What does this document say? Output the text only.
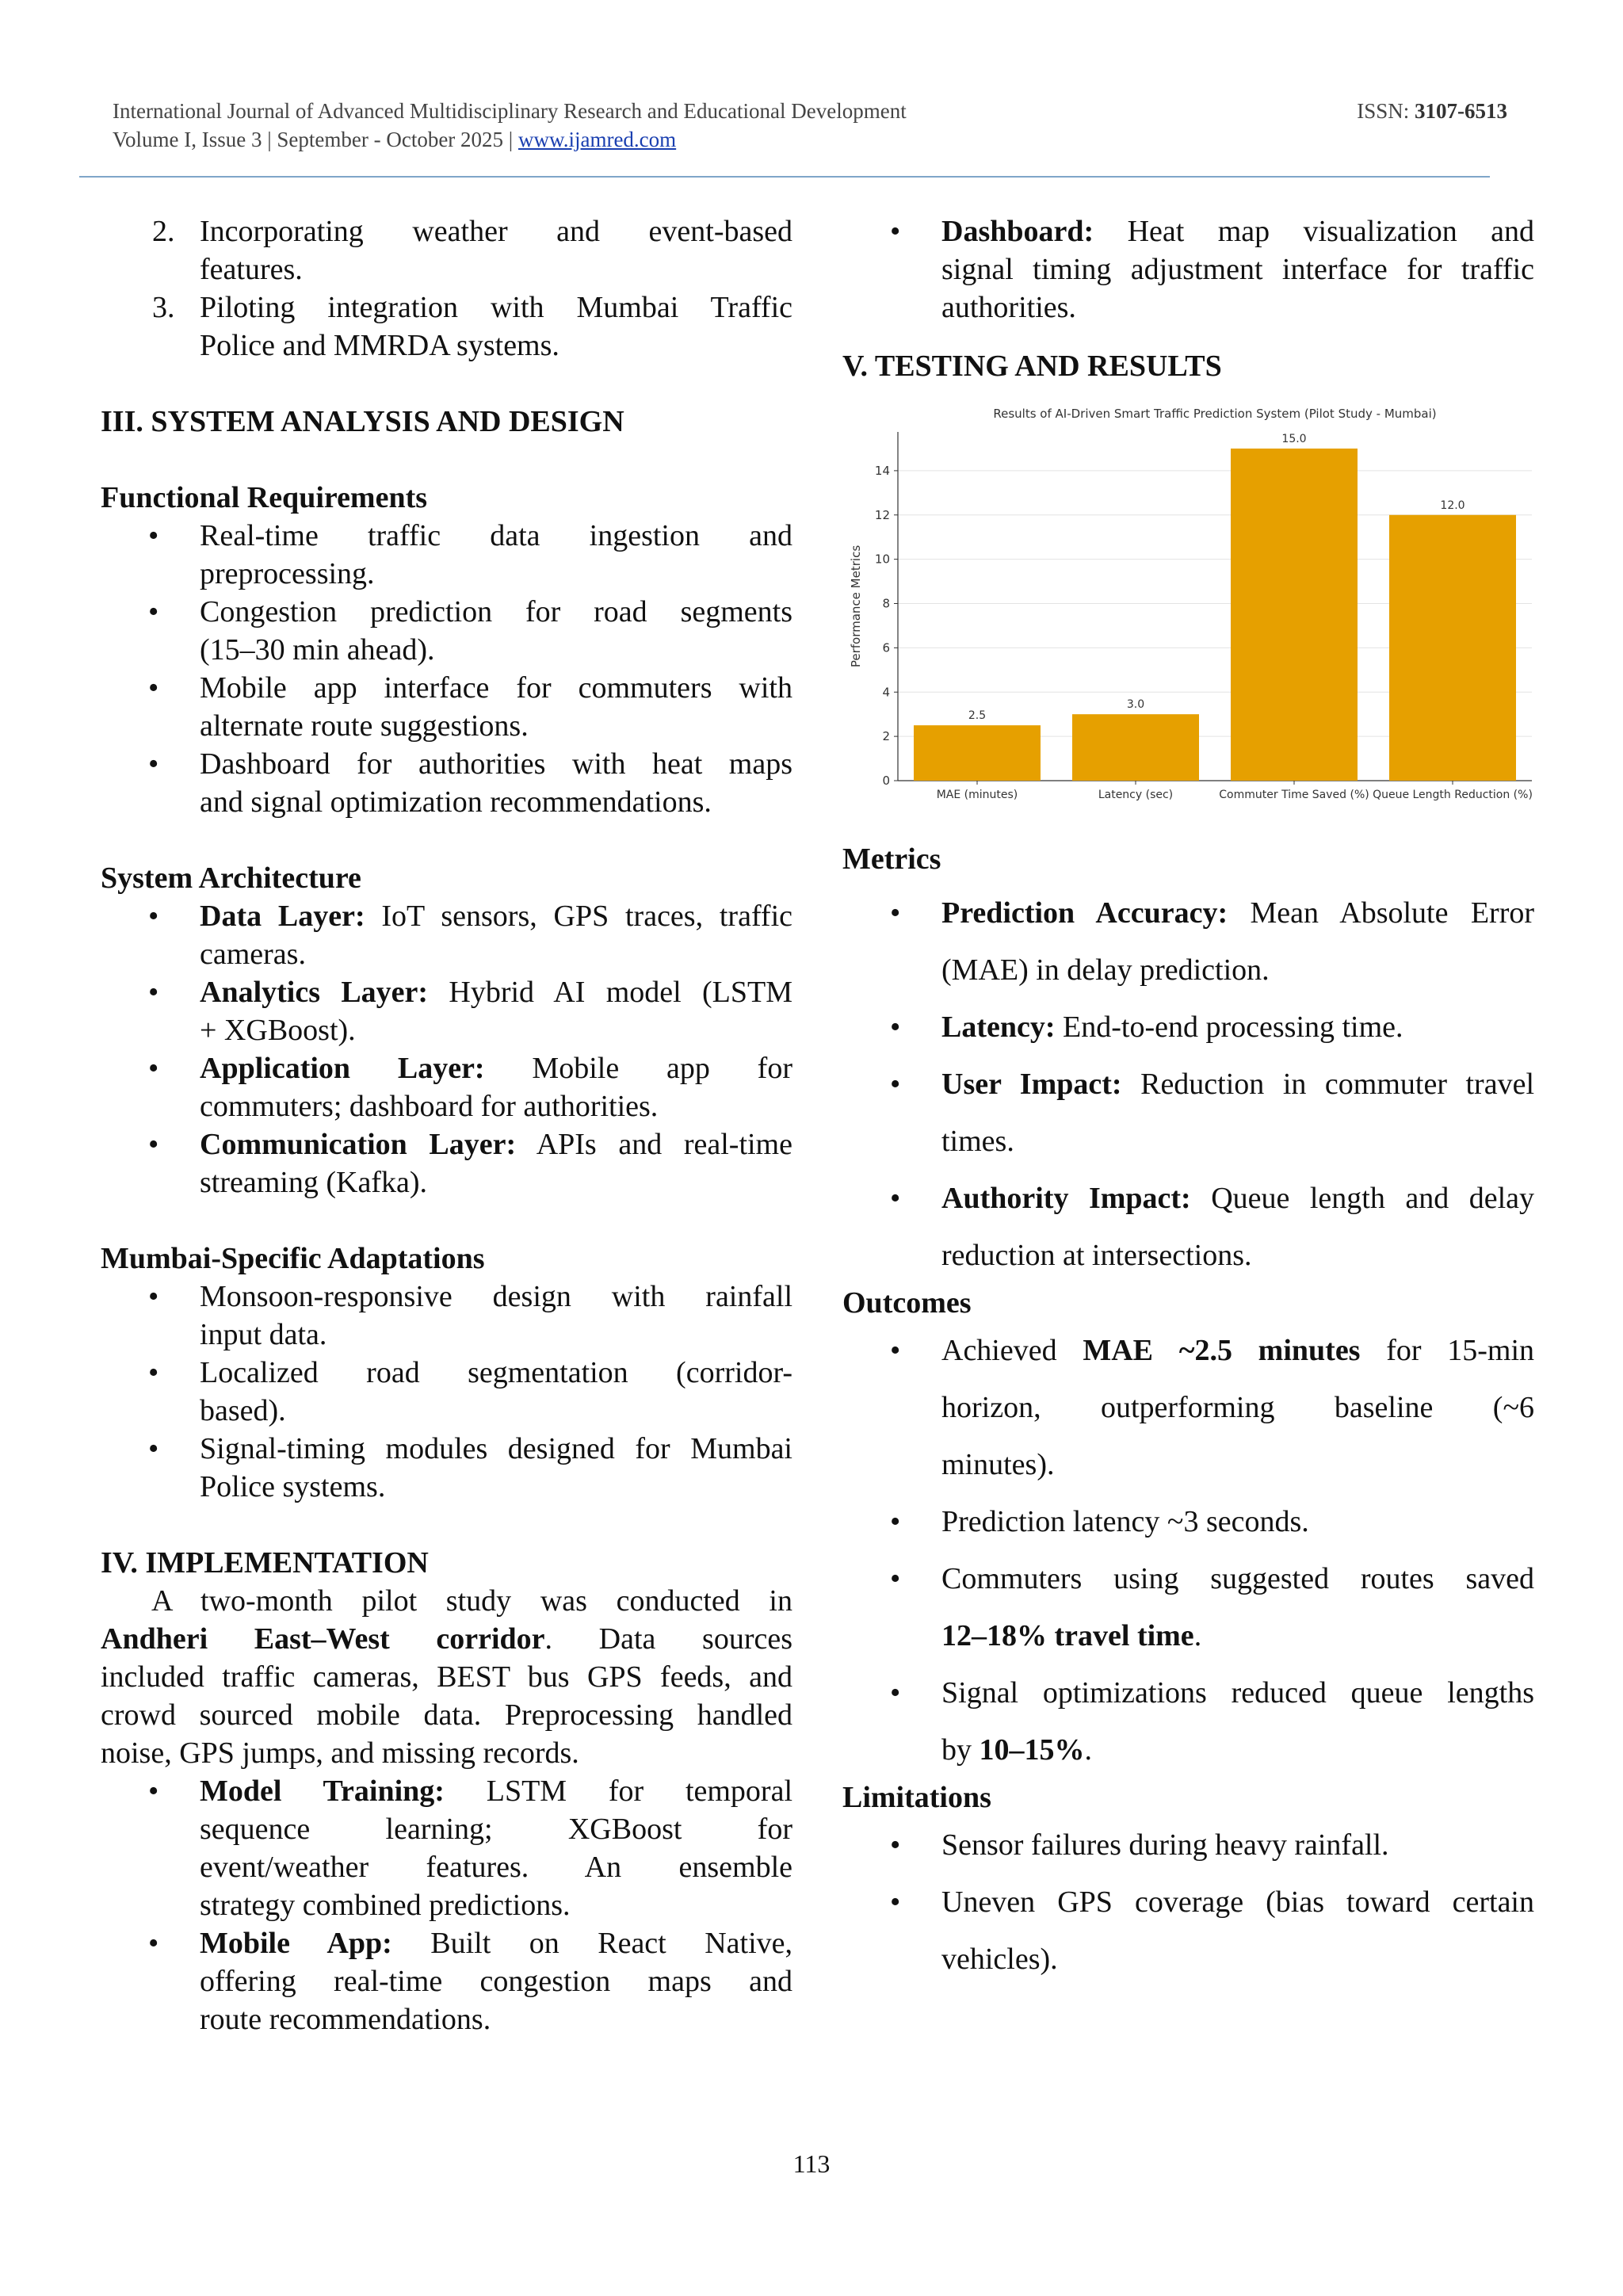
International Journal of Advanced Multidisciplinary Research and Educational Development
Volume I, Issue 3 | September - October 2025 | www.ijamred.com
ISSN: 3107-6513
2. Incorporating weather and event-based
features.
3. Piloting integration with Mumbai Traffic
Police and MMRDA systems.
III. SYSTEM ANALYSIS AND DESIGN
Functional Requirements
• Real-time traffic data ingestion and
preprocessing.
• Congestion prediction for road segments
(15–30 min ahead).
• Mobile app interface for commuters with
alternate route suggestions.
• Dashboard for authorities with heat maps
and signal optimization recommendations.
System Architecture
• Data Layer: IoT sensors, GPS traces, traffic
cameras.
• Analytics Layer: Hybrid AI model (LSTM
+ XGBoost).
• Application Layer: Mobile app for
commuters; dashboard for authorities.
• Communication Layer: APIs and real-time
streaming (Kafka).
Mumbai-Specific Adaptations
• Monsoon-responsive design with rainfall
input data.
• Localized road segmentation (corridor-
based).
• Signal-timing modules designed for Mumbai
Police systems.
IV. IMPLEMENTATION
A two-month pilot study was conducted in
Andheri East–West corridor. Data sources
included traffic cameras, BEST bus GPS feeds, and
crowd sourced mobile data. Preprocessing handled
noise, GPS jumps, and missing records.
• Model Training: LSTM for temporal
sequence learning; XGBoost for
event/weather features. An ensemble
strategy combined predictions.
• Mobile App: Built on React Native,
offering real-time congestion maps and
route recommendations.
• Dashboard: Heat map visualization and
signal timing adjustment interface for traffic
authorities.
V. TESTING AND RESULTS
Results of AI-Driven Smart Traffic Prediction System (Pilot Study - Mumbai)
0
2
4
6
8
10
12
14
Performance Metrics
2.5
MAE (minutes)
3.0
Latency (sec)
15.0
Commuter Time Saved (%)
12.0
Queue Length Reduction (%)
Metrics
• Prediction Accuracy: Mean Absolute Error
(MAE) in delay prediction.
• Latency: End-to-end processing time.
• User Impact: Reduction in commuter travel
times.
• Authority Impact: Queue length and delay
reduction at intersections.
Outcomes
• Achieved MAE ~2.5 minutes for 15-min
horizon, outperforming baseline (~6
minutes).
• Prediction latency ~3 seconds.
• Commuters using suggested routes saved
12–18% travel time.
• Signal optimizations reduced queue lengths
by 10–15%.
Limitations
• Sensor failures during heavy rainfall.
• Uneven GPS coverage (bias toward certain
vehicles).
113
